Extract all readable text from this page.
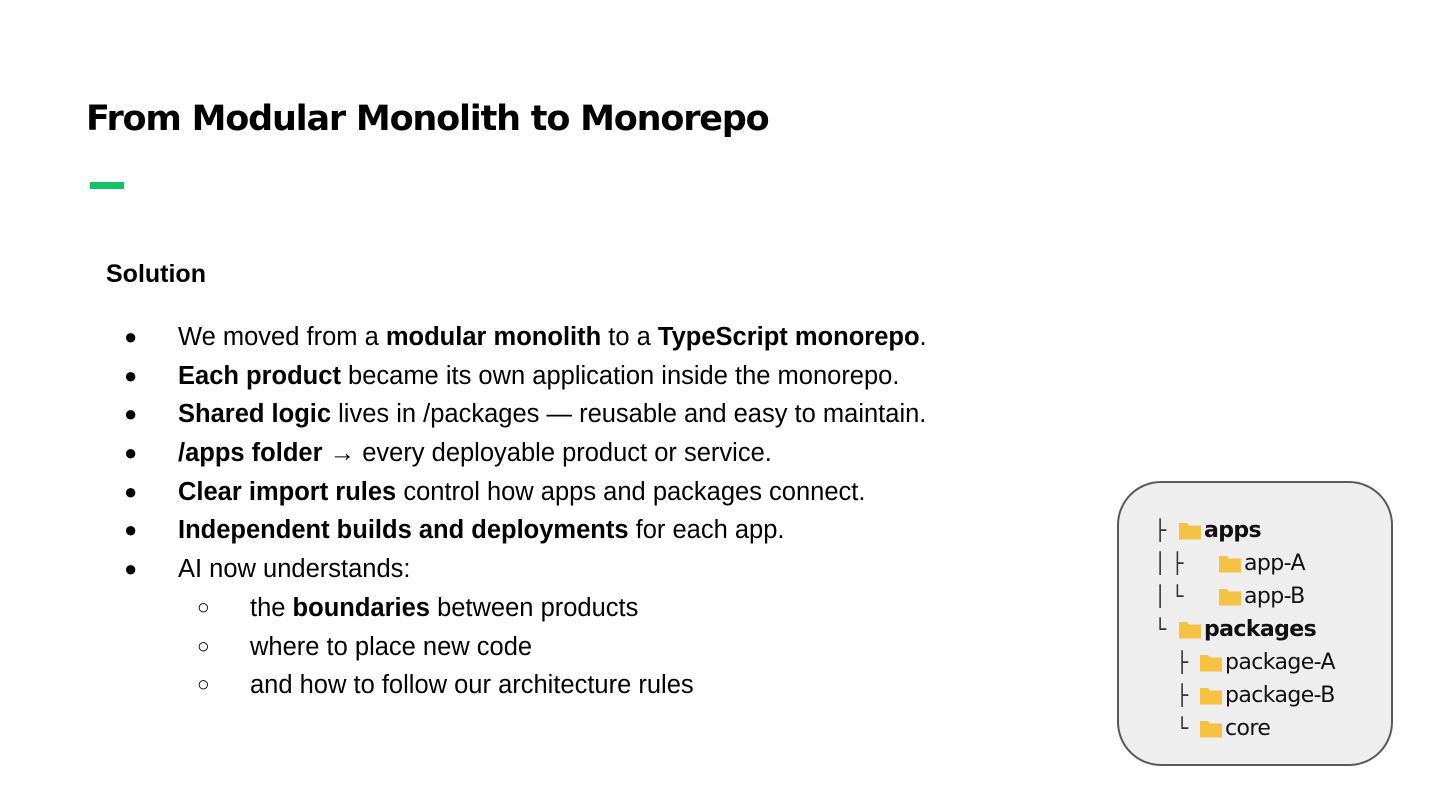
From Modular Monolith to Monorepo
Solution
● We moved from a modular monolith to a TypeScript monorepo.
● Each product became its own application inside the monorepo.
● Shared logic lives in /packages — reusable and easy to maintain.
● /apps folder → every deployable product or service.
● Clear import rules control how apps and packages connect.
● Independent builds and deployments for each app.
● AI now understands:
○ the boundaries between products
○ where to place new code
○ and how to follow our architecture rules
├ apps
│ ├	app-A
│ └	app-B
└ packages
├ package-A
├ package-B
└ core
